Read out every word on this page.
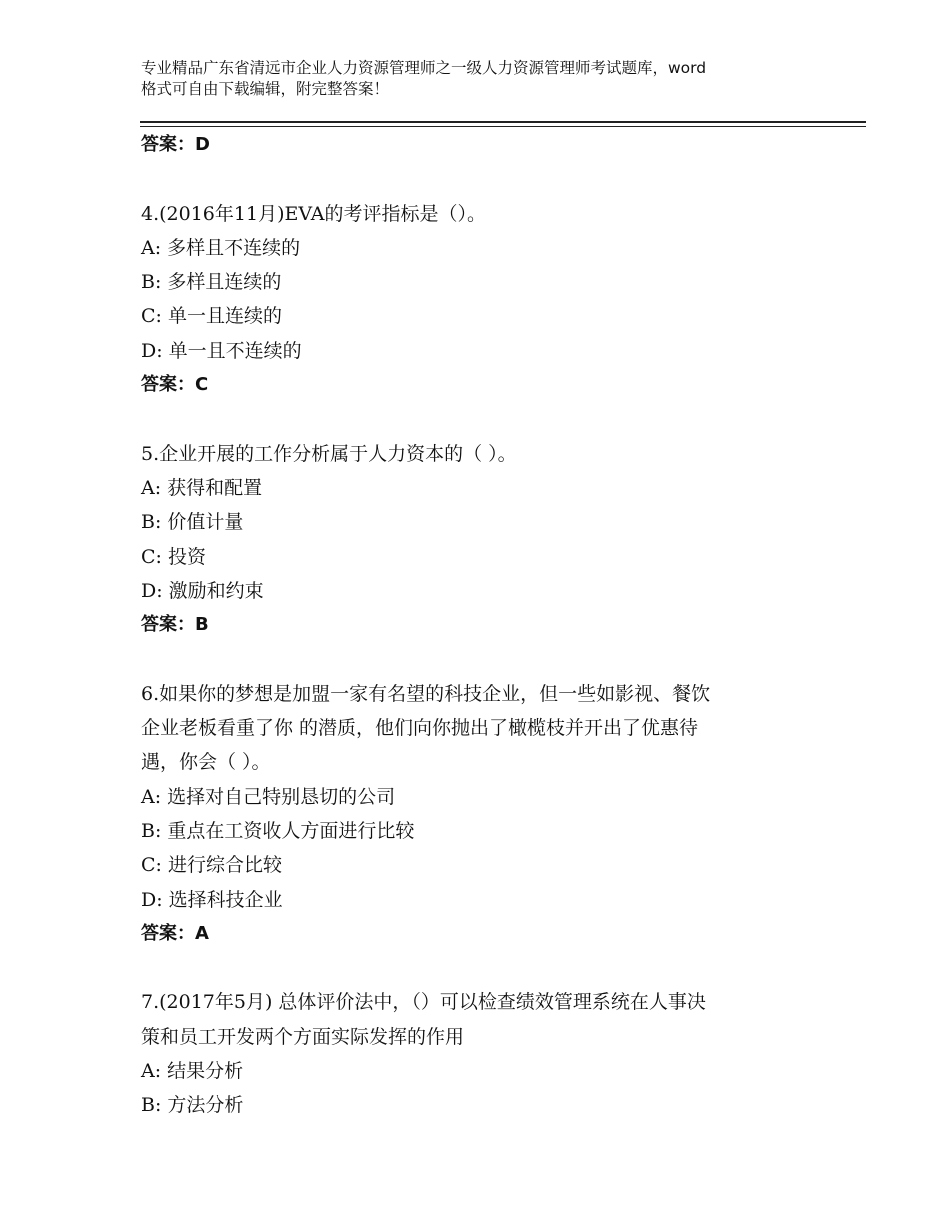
专业精品广东省清远市企业人力资源管理师之一级人力资源管理师考试题库，word
格式可自由下载编辑，附完整答案！
答案：D
4.(2016年11月)EVA的考评指标是（）。
A: 多样且不连续的
B: 多样且连续的
C: 单一且连续的
D: 单一且不连续的
答案：C
5.企业开展的工作分析属于人力资本的（ ）。
A: 获得和配置
B: 价值计量
C: 投资
D: 激励和约束
答案：B
6.如果你的梦想是加盟一家有名望的科技企业，但一些如影视、餐饮
企业老板看重了你 的潜质，他们向你抛出了橄榄枝并开出了优惠待
遇，你会（ ）。
A: 选择对自己特别恳切的公司
B: 重点在工资收人方面进行比较
C: 进行综合比较
D: 选择科技企业
答案：A
7.(2017年5月) 总体评价法中，（）可以检查绩效管理系统在人事决
策和员工开发两个方面实际发挥的作用
A: 结果分析
B: 方法分析
